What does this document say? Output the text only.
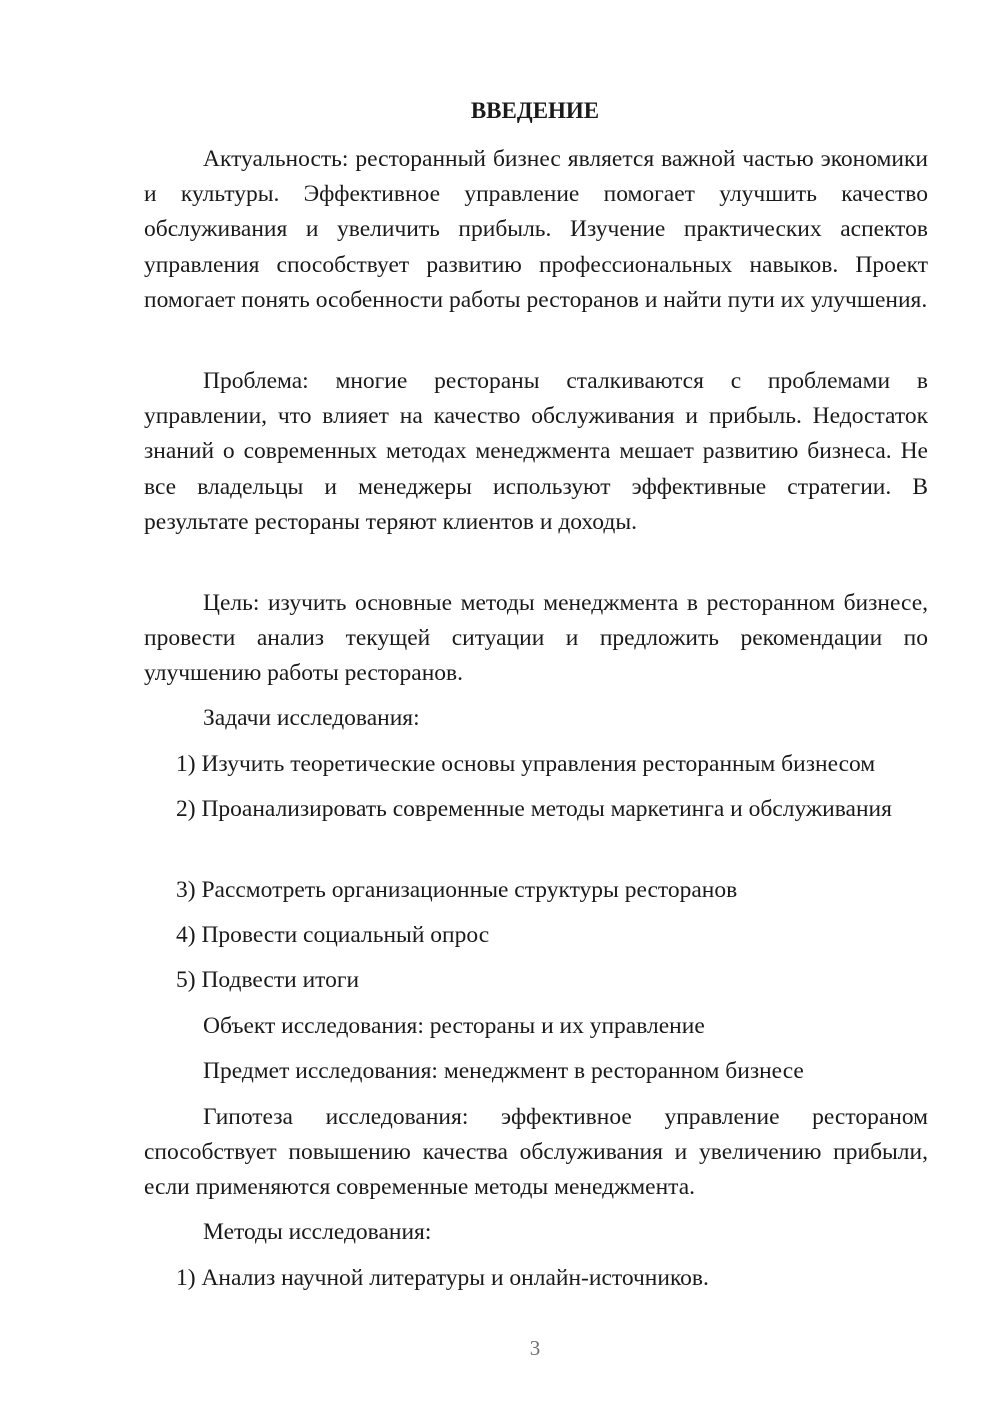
ВВЕДЕНИЕ

Актуальность: ресторанный бизнес является важной частью экономики и культуры. Эффективное управление помогает улучшить качество обслуживания и увеличить прибыль. Изучение практических аспектов управления способствует развитию профессиональных навыков. Проект помогает понять особенности работы ресторанов и найти пути их улучшения.

Проблема: многие рестораны сталкиваются с проблемами в управлении, что влияет на качество обслуживания и прибыль. Недостаток знаний о современных методах менеджмента мешает развитию бизнеса. Не все владельцы и менеджеры используют эффективные стратегии. В результате рестораны теряют клиентов и доходы.

Цель: изучить основные методы менеджмента в ресторанном бизнесе, провести анализ текущей ситуации и предложить рекомендации по улучшению работы ресторанов.

Задачи исследования:

1) Изучить теоретические основы управления ресторанным бизнесом

2) Проанализировать современные методы маркетинга и обслуживания

3) Рассмотреть организационные структуры ресторанов

4) Провести социальный опрос

5) Подвести итоги

Объект исследования: рестораны и их управление

Предмет исследования: менеджмент в ресторанном бизнесе

Гипотеза исследования: эффективное управление рестораном способствует повышению качества обслуживания и увеличению прибыли, если применяются современные методы менеджмента.

Методы исследования:

1) Анализ научной литературы и онлайн-источников.

3
